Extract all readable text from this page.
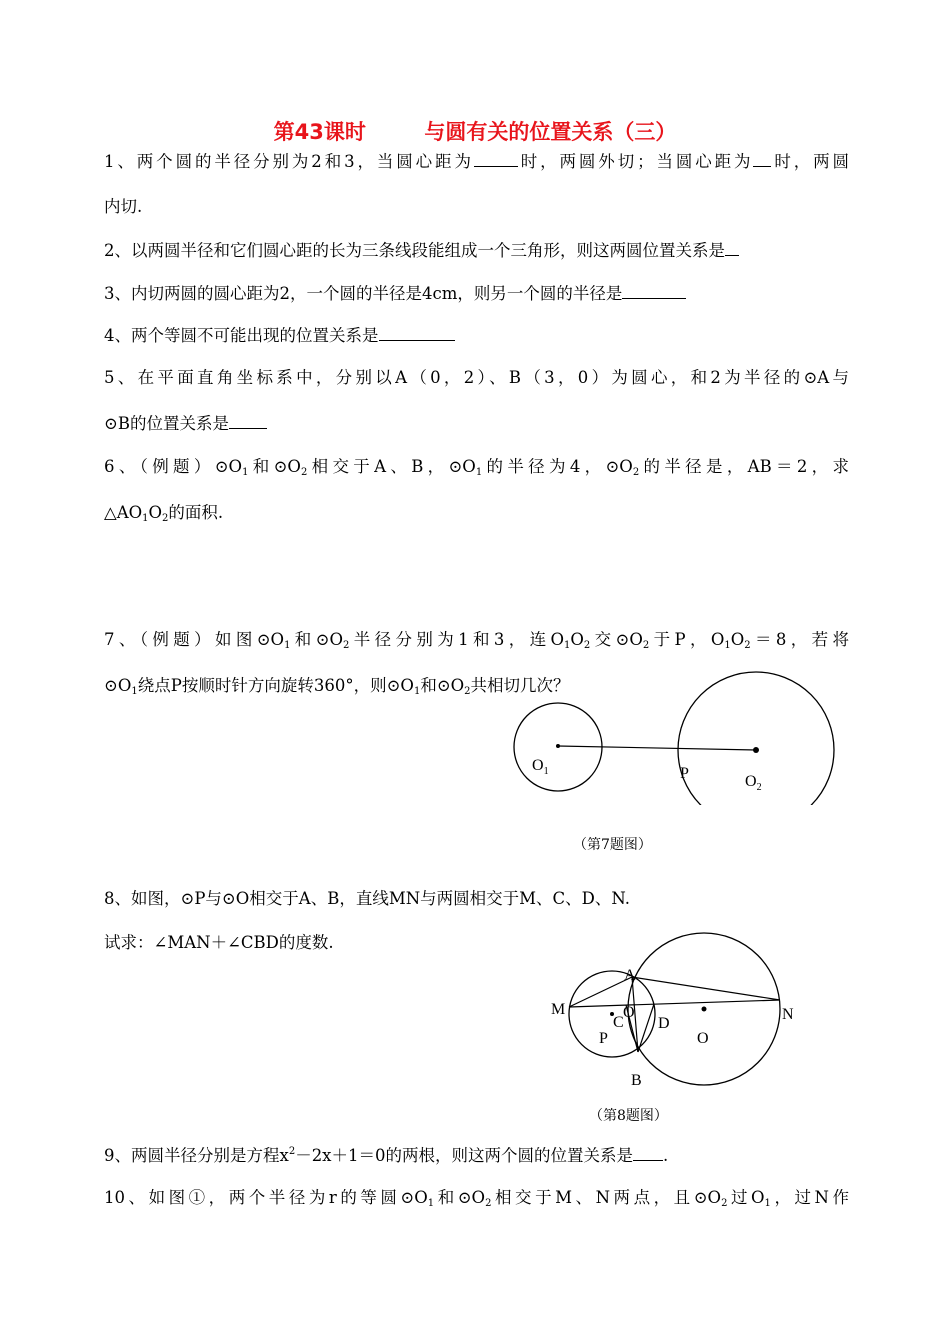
第43课时        与圆有关的位置关系（三）
1、两个圆的半径分别为2和3，当圆心距为	时，两圆外切；当圆心距为 时，两圆
内切.
2、以两圆半径和它们圆心距的长为三条线段能组成一个三角形，则这两圆位置关系是
3、内切两圆的圆心距为2，一个圆的半径是4cm，则另一个圆的半径是
4、两个等圆不可能出现的位置关系是
5、在平面直角坐标系中，分别以A（0，2）、B（3，0）为圆心，和2为半径的⊙A与
⊙B的位置关系是
6、（例题）$⊙O_1$和$⊙O_2$相交于A、B，$⊙O_1$的半径为4，$⊙O_2$的半径是，AB＝2，求
$\triangle AO_1O_2$的面积.
7、（例题）如图$⊙O_1$和$⊙O_2$半径分别为1和3，连$O_1O_2$交$⊙O_2$于P，$O_1O_2=8$，若将
$⊙O_1$绕点P按顺时针方向旋转360°，则$⊙O_1$和$⊙O_2$共相切几次？
$O_1$	P	$O_2$
（第7题图）
8、如图，⊙P与⊙O相交于A、B，直线MN与两圆相交于M、C、D、N.
试求：∠MAN＋∠CBD的度数.
A
M	N
C
O
D
P	O
B
（第8题图）
9、两圆半径分别是方程$x^2-2x+1=0$的两根，则这两个圆的位置关系是 .
10、如图①，两个半径为r的等圆$⊙O_1$和$⊙O_2$相交于M、N两点，且$⊙O_2$过$O_1$，过N作
